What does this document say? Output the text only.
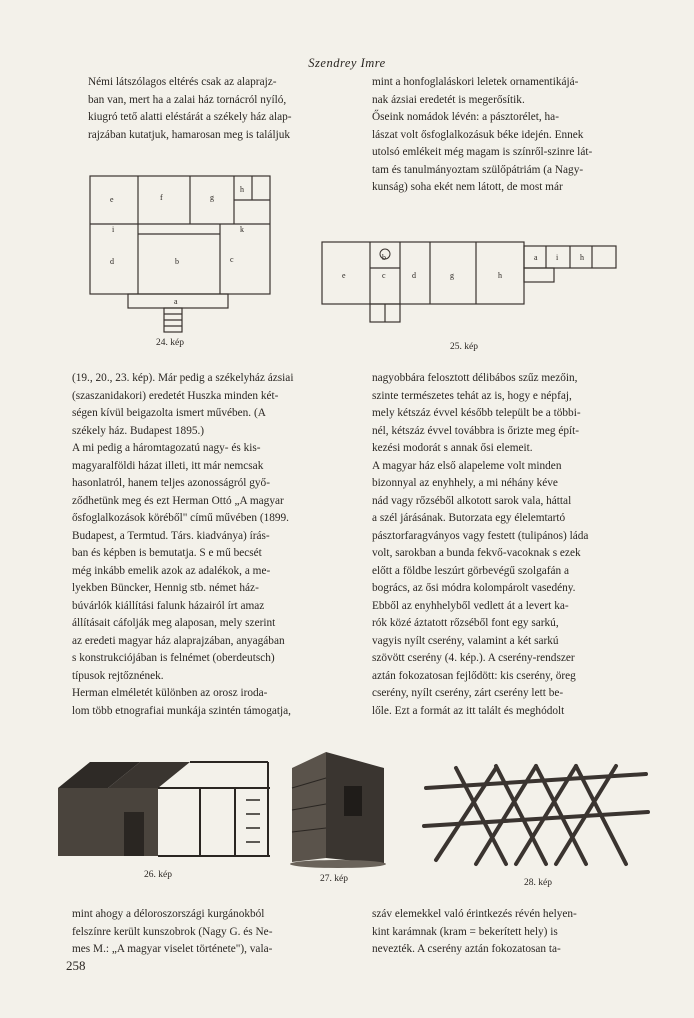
Szendrey Imre
Némi látszólagos eltérés csak az alaprajz-
ban van, mert ha a zalai ház tornácról nyíló,
kiugró tető alatti eléstárát a székely ház alap-
rajzában kutatjuk, hamarosan meg is találjuk
mint a honfoglaláskori leletek ornamentikájá-
nak ázsiai eredetét is megerősítik.
Őseink nomádok lévén: a pásztorélet, ha-
lászat volt ősfoglalkozásuk béke idején. Ennek
utolsó emlékeit még magam is színről-szinre lát-
tam és tanulmányoztam szülőpátriám (a Nagy-
kunság) soha ekét nem látott, de most már
e	f	g
h
i
d	b	c
k
a
24. kép
e	c
b
d	g	h
a i	h
25. kép
(19., 20., 23. kép). Már pedig a székelyház ázsiai
(szaszanidakori) eredetét Huszka minden két-
ségen kívül beigazolta ismert művében. (A
székely ház. Budapest 1895.)
A mi pedig a háromtagozatú nagy- és kis-
magyaralföldi házat illeti, itt már nemcsak
hasonlatról, hanem teljes azonosságról győ-
ződhetünk meg és ezt Herman Ottó „A magyar
ősfoglalkozások köréből" című művében (1899.
Budapest, a Termtud. Társ. kiadványa) írás-
ban és képben is bemutatja. S e mű becsét
még inkább emelik azok az adalékok, a me-
lyekben Büncker, Hennig stb. német ház-
búvárlók kiállítási falunk házairól írt amaz
állításait cáfolják meg alaposan, mely szerint
az eredeti magyar ház alaprajzában, anyagában
s konstrukciójában is felnémet (oberdeutsch)
típusok rejtőznének.
Herman elméletét különben az orosz iroda-
lom több etnografiai munkája szintén támogatja,
nagyobbára felosztott délibábos szűz mezőin,
szinte természetes tehát az is, hogy e népfaj,
mely kétszáz évvel később települt be a többi-
nél, kétszáz évvel továbbra is őrizte meg épít-
kezési modorát s annak ősi elemeit.
A magyar ház első alapeleme volt minden
bizonnyal az enyhhely, a mi néhány kéve
nád vagy rőzséből alkotott sarok vala, háttal
a szél járásának. Butorzata egy élelemtartó
pásztorfaragványos vagy festett (tulipános) láda
volt, sarokban a bunda fekvő-vacoknak s ezek
előtt a földbe leszúrt görbevégű szolgafán a
bogrács, az ősi módra kolompárolt vasedény.
Ebből az enyhhelyből vedlett át a levert ka-
rók közé áztatott rőzséből font egy sarkú,
vagyis nyílt cserény, valamint a két sarkú
szövött cserény (4. kép.). A cserény-rendszer
aztán fokozatosan fejlődött: kis cserény, öreg
cserény, nyílt cserény, zárt cserény lett be-
lőle. Ezt a formát az itt talált és meghódolt
26. kép	27. kép	28. kép
mint ahogy a déloroszországi kurgánokból
felszínre került kunszobrok (Nagy G. és Ne-
mes M.: „A magyar viselet története"), vala-
száv elemekkel való érintkezés révén helyen-
kint karámnak (kram = bekerített hely) is
nevezték. A cserény aztán fokozatosan ta-
258
